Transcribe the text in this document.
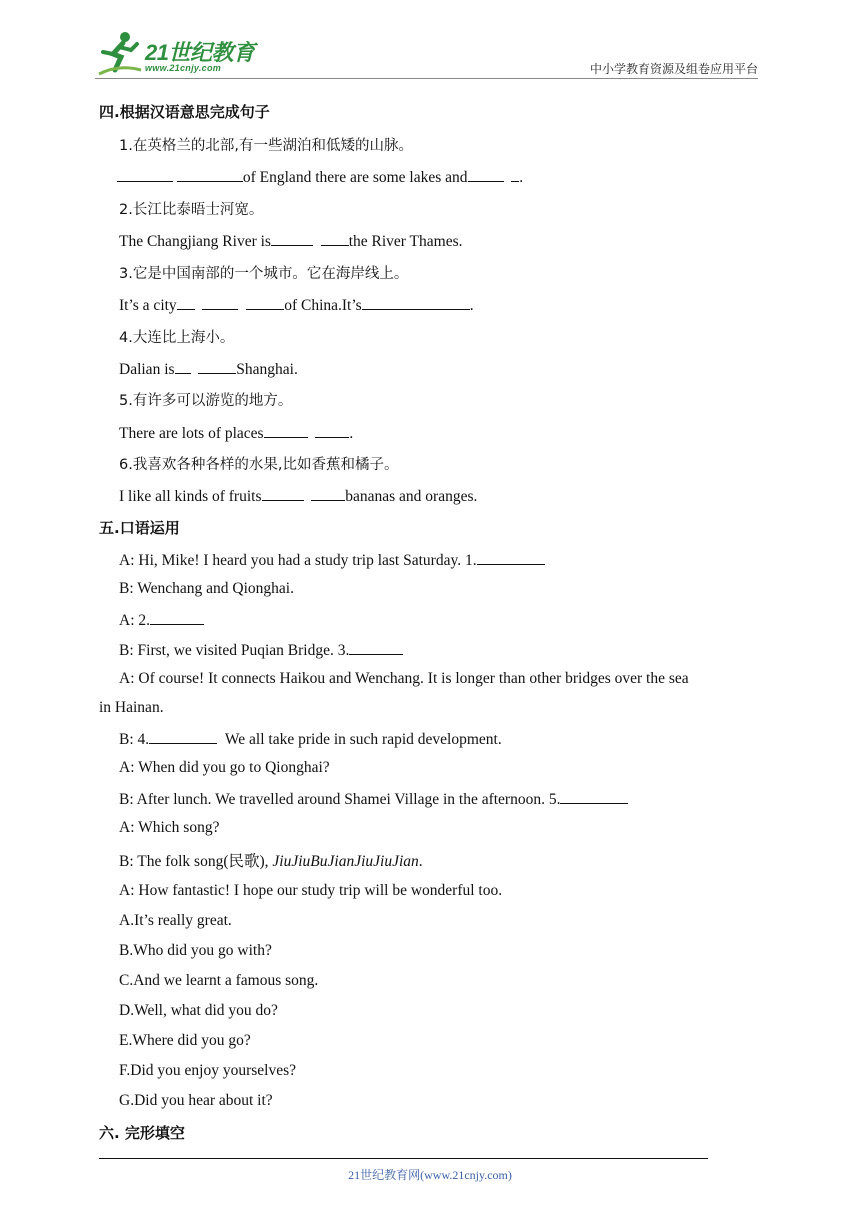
21世纪教育
www.21cnjy.com	中小学教育资源及组卷应用平台
四.根据汉语意思完成句子
1.在英格兰的北部,有一些湖泊和低矮的山脉。
of England there are some lakes and	.
2.长江比泰晤士河宽。
The Changjiang River is	the River Thames.
3.它是中国南部的一个城市。它在海岸线上。
It’s a city	of China.It’s	.
4.大连比上海小。
Dalian is	Shanghai.
5.有许多可以游览的地方。
There are lots of places	.
6.我喜欢各种各样的水果,比如香蕉和橘子。
I like all kinds of fruits	bananas and oranges.
五.口语运用
A: Hi, Mike! I heard you had a study trip last Saturday. 1.
B: Wenchang and Qionghai.
A: 2.
B: First, we visited Puqian Bridge. 3.
A: Of course! It connects Haikou and Wenchang. It is longer than other bridges over the sea
in Hainan.
B: 4.	We all take pride in such rapid development.
A: When did you go to Qionghai?
B: After lunch. We travelled around Shamei Village in the afternoon. 5.
A: Which song?
B: The folk song(民歌), JiuJiuBuJianJiuJiuJian.
A: How fantastic! I hope our study trip will be wonderful too.
A.It’s really great.
B.Who did you go with?
C.And we learnt a famous song.
D.Well, what did you do?
E.Where did you go?
F.Did you enjoy yourselves?
G.Did you hear about it?
六. 完形填空
21世纪教育网(www.21cnjy.com)
